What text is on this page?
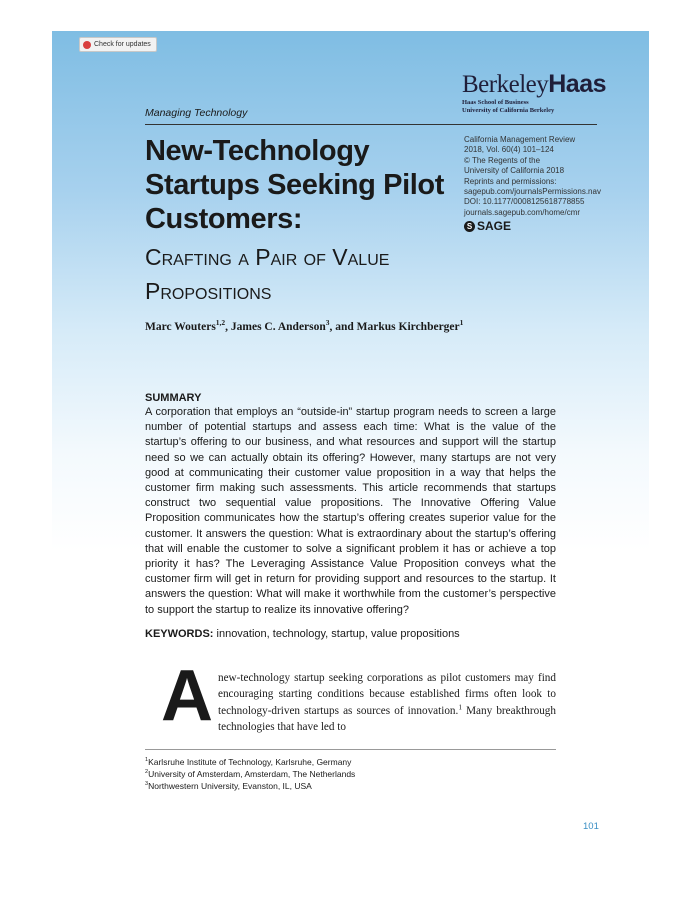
Check for updates
BerkeleyHaas
Haas School of Business
University of California Berkeley
Managing Technology
New-Technology Startups Seeking Pilot Customers:
Crafting a Pair of Value Propositions
California Management Review
2018, Vol. 60(4) 101–124
© The Regents of the
University of California 2018
Reprints and permissions:
sagepub.com/journalsPermissions.nav
DOI: 10.1177/0008125618778855
journals.sagepub.com/home/cmr
S SAGE
Marc Wouters$^{1,2}$, James C. Anderson$^3$, and Markus Kirchberger$^1$
SUMMARY
A corporation that employs an “outside-in” startup program needs to screen a large number of potential startups and assess each time: What is the value of the startup’s offering to our business, and what resources and support will the startup need so we can actually obtain its offering? However, many startups are not very good at communicating their customer value proposition in a way that helps the customer firm making such assessments. This article recommends that startups construct two sequential value propositions. The Innovative Offering Value Proposition communicates how the startup’s offering creates superior value for the customer. It answers the question: What is extraordinary about the startup’s offering that will enable the customer to solve a significant problem it has or achieve a top priority it has? The Leveraging Assistance Value Proposition conveys what the customer firm will get in return for providing support and resources to the startup. It answers the question: What will make it worthwhile from the customer’s perspective to support the startup to realize its innovative offering?
KEYWORDS: innovation, technology, startup, value propositions
A new-technology startup seeking corporations as pilot customers may find encouraging starting conditions because established firms often look to technology-driven startups as sources of innovation.$^1$ Many breakthrough technologies that have led to
$^1$Karlsruhe Institute of Technology, Karlsruhe, Germany
$^2$University of Amsterdam, Amsterdam, The Netherlands
$^3$Northwestern University, Evanston, IL, USA
101
